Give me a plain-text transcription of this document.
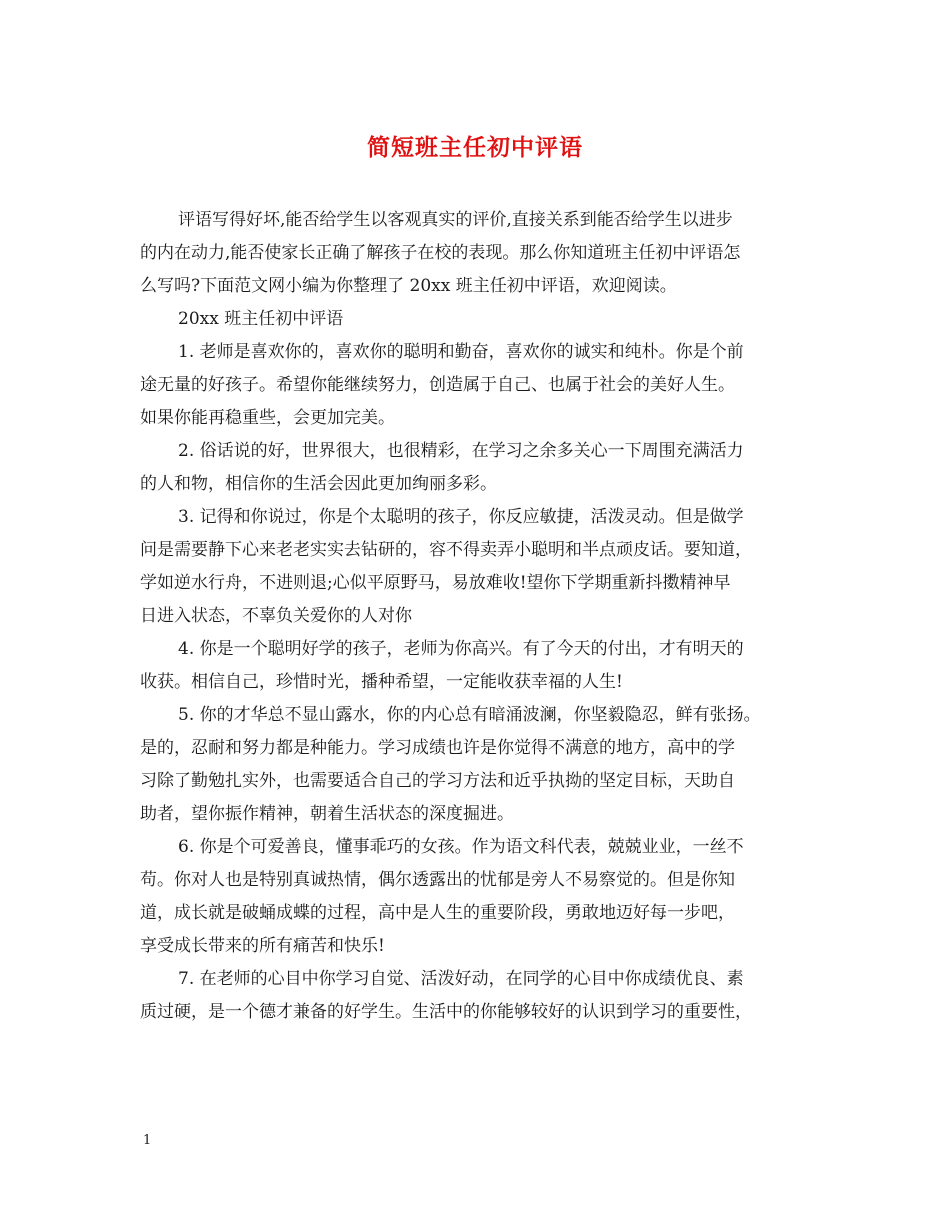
简短班主任初中评语
评语写得好坏,能否给学生以客观真实的评价,直接关系到能否给学生以进步
的内在动力,能否使家长正确了解孩子在校的表现。那么你知道班主任初中评语怎
么写吗?下面范文网小编为你整理了 20xx 班主任初中评语，欢迎阅读。
20xx 班主任初中评语
1. 老师是喜欢你的，喜欢你的聪明和勤奋，喜欢你的诚实和纯朴。你是个前
途无量的好孩子。希望你能继续努力，创造属于自己、也属于社会的美好人生。
如果你能再稳重些，会更加完美。
2. 俗话说的好，世界很大，也很精彩，在学习之余多关心一下周围充满活力
的人和物，相信你的生活会因此更加绚丽多彩。
3. 记得和你说过，你是个太聪明的孩子，你反应敏捷，活泼灵动。但是做学
问是需要静下心来老老实实去钻研的，容不得卖弄小聪明和半点顽皮话。要知道，
学如逆水行舟，不进则退;心似平原野马，易放难收!望你下学期重新抖擞精神早
日进入状态，不辜负关爱你的人对你
4. 你是一个聪明好学的孩子，老师为你高兴。有了今天的付出，才有明天的
收获。相信自己，珍惜时光，播种希望，一定能收获幸福的人生!
5. 你的才华总不显山露水，你的内心总有暗涌波澜，你坚毅隐忍，鲜有张扬。
是的，忍耐和努力都是种能力。学习成绩也许是你觉得不满意的地方，高中的学
习除了勤勉扎实外，也需要适合自己的学习方法和近乎执拗的坚定目标，天助自
助者，望你振作精神，朝着生活状态的深度掘进。
6. 你是个可爱善良，懂事乖巧的女孩。作为语文科代表，兢兢业业，一丝不
苟。你对人也是特别真诚热情，偶尔透露出的忧郁是旁人不易察觉的。但是你知
道，成长就是破蛹成蝶的过程，高中是人生的重要阶段，勇敢地迈好每一步吧，
享受成长带来的所有痛苦和快乐!
7. 在老师的心目中你学习自觉、活泼好动，在同学的心目中你成绩优良、素
质过硬，是一个德才兼备的好学生。生活中的你能够较好的认识到学习的重要性，
1
